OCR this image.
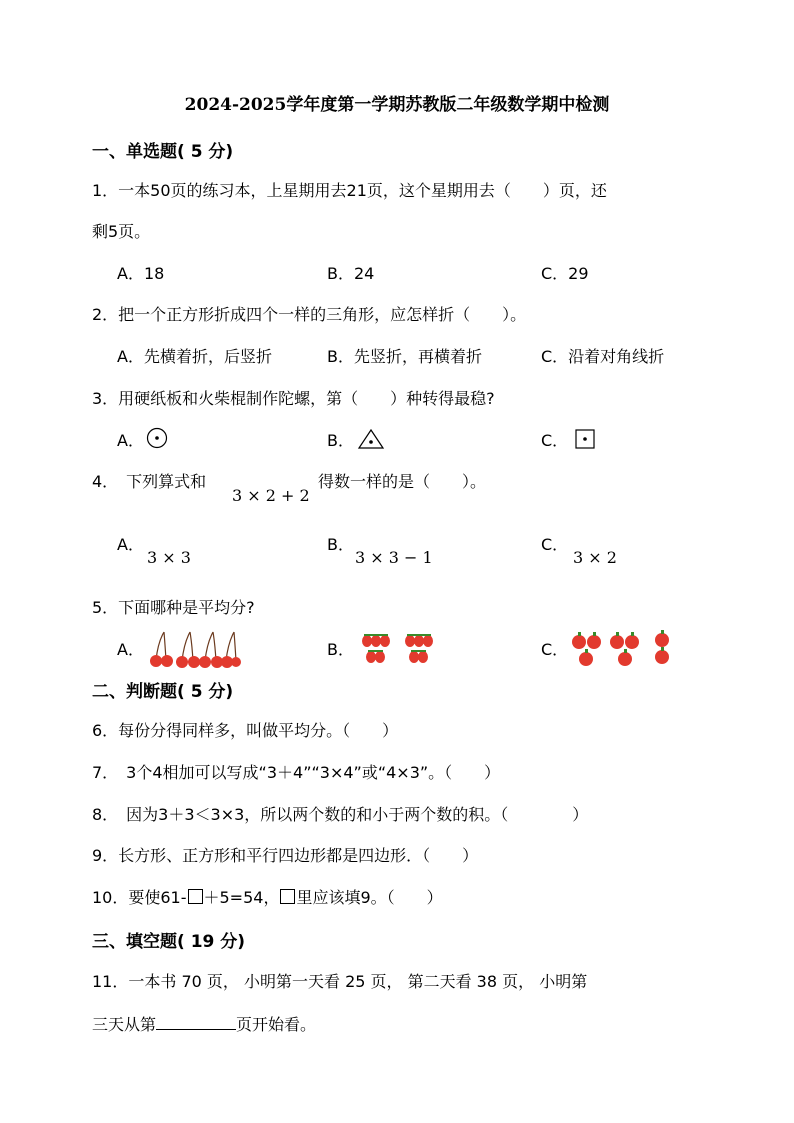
2024-2025学年度第一学期苏教版二年级数学期中检测
一、单选题( 5 分)
1．一本50页的练习本，上星期用去21页，这个星期用去（　　）页，还
剩5页。
A．18	B．24	C．29
2．把一个正方形折成四个一样的三角形，应怎样折（　　）。
A．先横着折，后竖折	B．先竖折，再横着折	C．沿着对角线折
3．用硬纸板和火柴棍制作陀螺，第（　　）种转得最稳?
A．	B．	C．
4．　下列算式和
3 × 2 + 2
得数一样的是（　　）。
A．
3 × 3
B．
3 × 3 − 1
C．
3 × 2
5．下面哪种是平均分?
A．	B．	C．
二、判断题( 5 分)
6．每份分得同样多，叫做平均分。（　　）
7．　3个4相加可以写成“3＋4”“3×4”或“4×3”。（　　）
8．　因为3＋3＜3×3，所以两个数的和小于两个数的积。（　　　　）
9．长方形、正方形和平行四边形都是四边形．（　　）
10．要使61- ＋5=54， 里应该填9。（　　）
三、填空题( 19 分)
11．一本书 70 页， 小明第一天看 25 页， 第二天看 38 页， 小明第
三天从第	页开始看。
